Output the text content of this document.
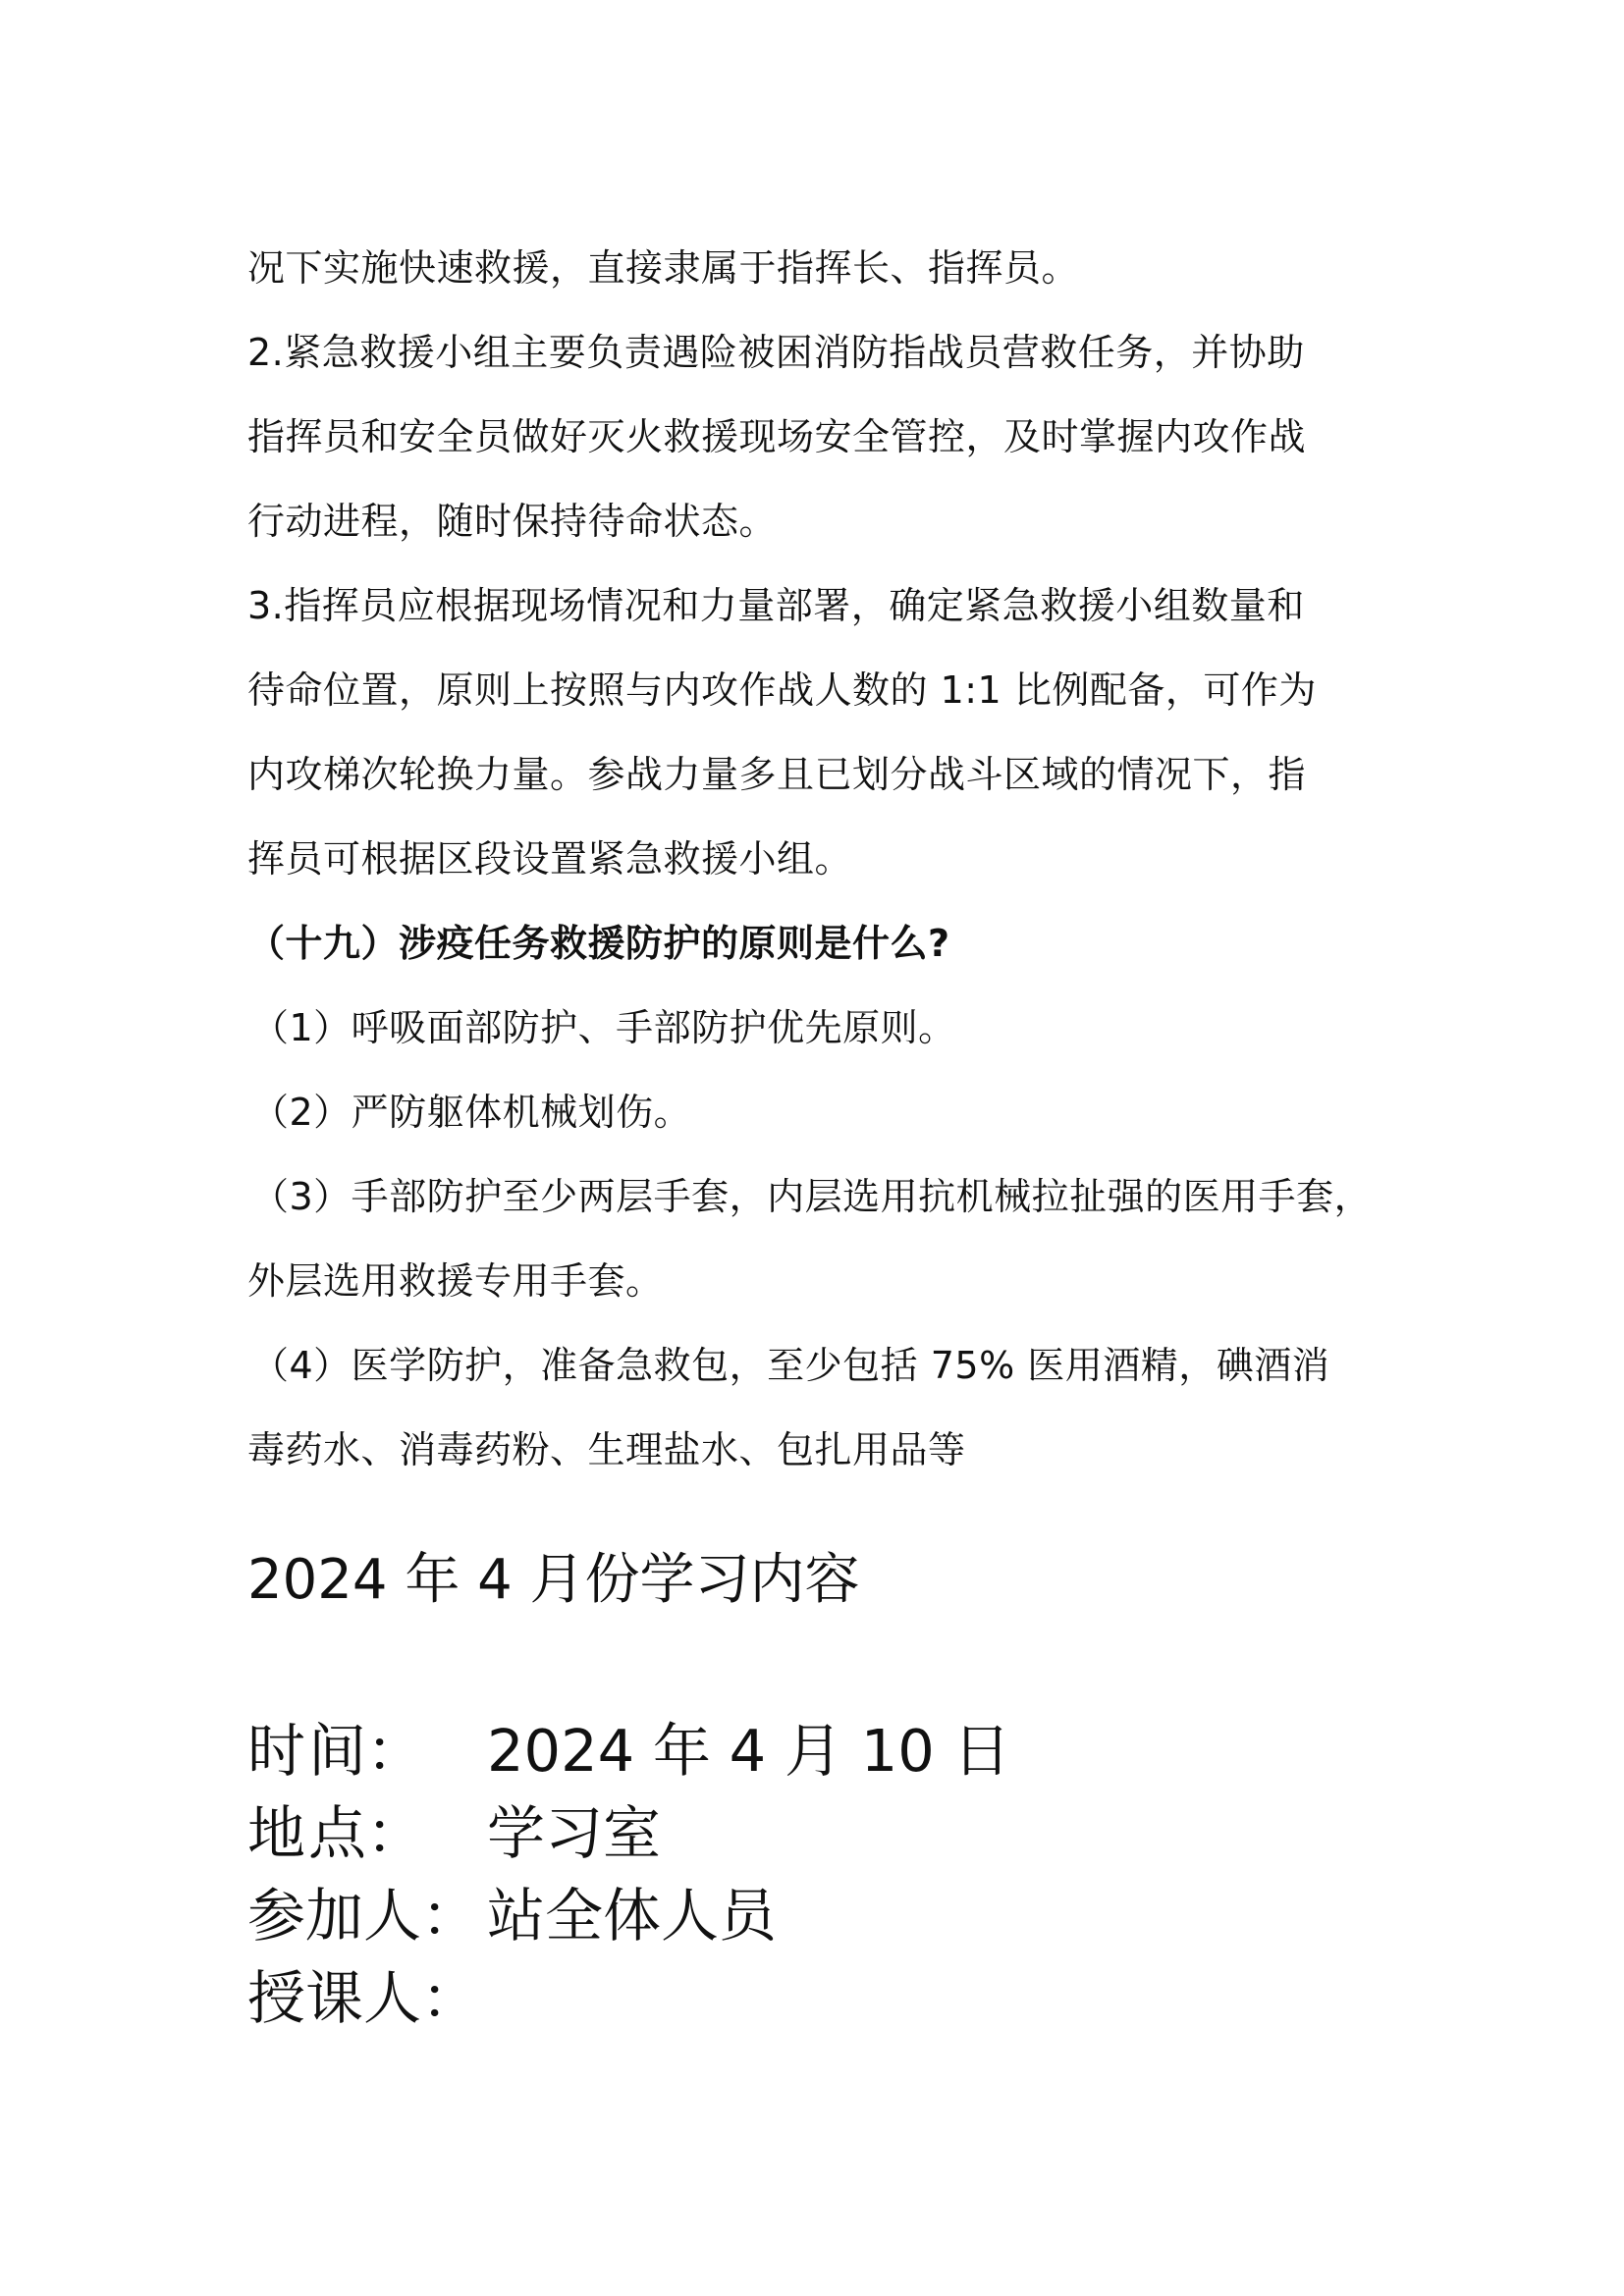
况下实施快速救援，直接隶属于指挥长、指挥员。
2.紧急救援小组主要负责遇险被困消防指战员营救任务，并协助
指挥员和安全员做好灭火救援现场安全管控，及时掌握内攻作战
行动进程，随时保持待命状态。
3.指挥员应根据现场情况和力量部署，确定紧急救援小组数量和
待命位置，原则上按照与内攻作战人数的 1:1 比例配备，可作为
内攻梯次轮换力量。参战力量多且已划分战斗区域的情况下，指
挥员可根据区段设置紧急救援小组。
（十九）涉疫任务救援防护的原则是什么?
（1）呼吸面部防护、手部防护优先原则。
（2）严防躯体机械划伤。
（3）手部防护至少两层手套，内层选用抗机械拉扯强的医用手套，
外层选用救援专用手套。
（4）医学防护，准备急救包，至少包括 75% 医用酒精，碘酒消
毒药水、消毒药粉、生理盐水、包扎用品等
2024 年 4 月份学习内容
时 间： 2024 年 4 月 10 日
地 点： 学习室
参加人： 站全体人员
授课人：
